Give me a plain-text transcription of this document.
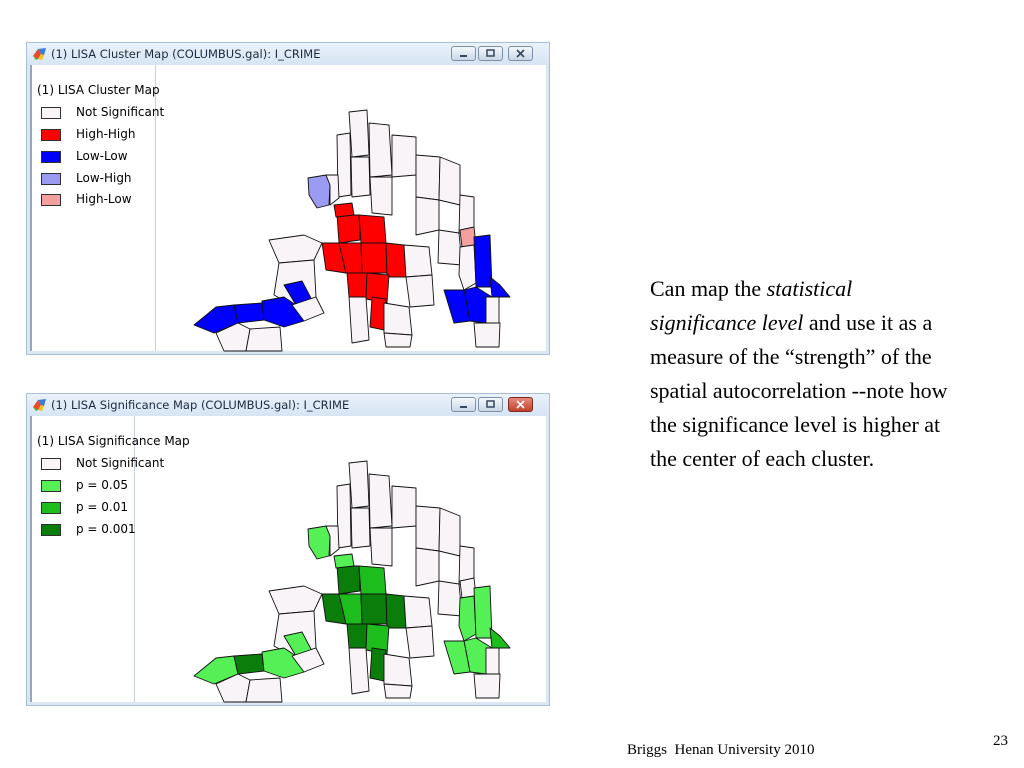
(1) LISA Cluster Map (COLUMBUS.gal): I_CRIME
(1) LISA Cluster Map
Not Significant
High-High
Low-Low
Low-High
High-Low
(1) LISA Significance Map (COLUMBUS.gal): I_CRIME
(1) LISA Significance Map
Not Significant
p = 0.05
p = 0.01
p = 0.001

Can map the statistical significance level and use it as a measure of the “strength” of the spatial autocorrelation --note how the significance level is higher at the center of each cluster.

Briggs  Henan University 2010
23
